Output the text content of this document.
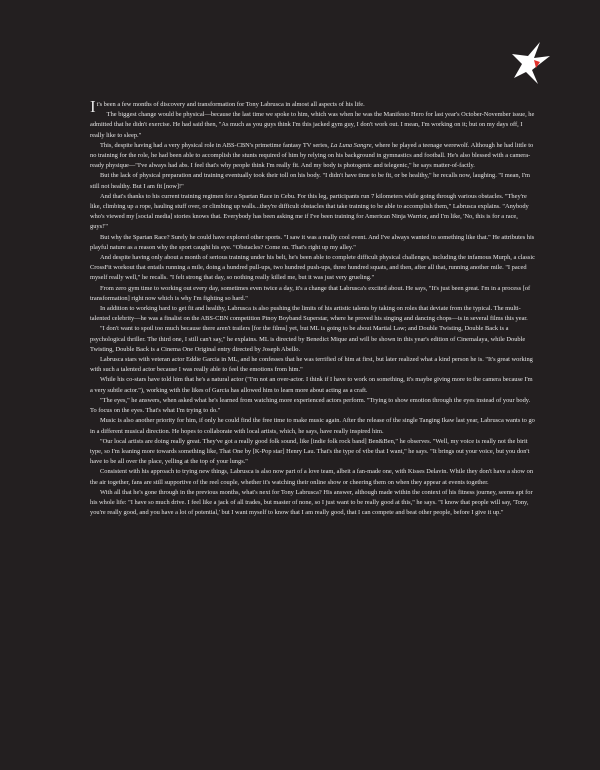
It's been a few months of discovery and transformation for Tony Labrusca in almost all aspects of his life.

The biggest change would be physical—because the last time we spoke to him, which was when he was the Manifesto Hero for last year's October-November issue, he admitted that he didn't exercise. He had said then, "As much as you guys think I'm this jacked gym guy, I don't work out. I mean, I'm working on it; but on my days off, I really like to sleep."

This, despite having had a very physical role in ABS-CBN's primetime fantasy TV series, La Luna Sangre, where he played a teenage werewolf. Although he had little to no training for the role, he had been able to accomplish the stunts required of him by relying on his background in gymnastics and football. He's also blessed with a camera-ready physique—"I've always had abs. I feel that's why people think I'm really fit. And my body is photogenic and telegenic," he says matter-of-factly.

But the lack of physical preparation and training eventually took their toll on his body. "I didn't have time to be fit, or be healthy," he recalls now, laughing. "I mean, I'm still not healthy. But I am fit [now]!"

And that's thanks to his current training regimen for a Spartan Race in Cebu. For this leg, participants run 7 kilometers while going through various obstacles. "They're like, climbing up a rope, hauling stuff over, or climbing up walls...they're difficult obstacles that take training to be able to accomplish them," Labrusca explains. "Anybody who's viewed my [social media] stories knows that. Everybody has been asking me if I've been training for American Ninja Warrior, and I'm like, 'No, this is for a race, guys!'"

But why the Spartan Race? Surely he could have explored other sports. "I saw it was a really cool event. And I've always wanted to something like that." He attributes his playful nature as a reason why the sport caught his eye. "Obstacles? Come on. That's right up my alley."

And despite having only about a month of serious training under his belt, he's been able to complete difficult physical challenges, including the infamous Murph, a classic CrossFit workout that entails running a mile, doing a hundred pull-ups, two hundred push-ups, three hundred squats, and then, after all that, running another mile. "I paced myself really well," he recalls. "I felt strong that day, so nothing really killed me, but it was just very grueling."

From zero gym time to working out every day, sometimes even twice a day, it's a change that Labrusca's excited about. He says, "It's just been great. I'm in a process [of transformation] right now which is why I'm fighting so hard."

In addition to working hard to get fit and healthy, Labrusca is also pushing the limits of his artistic talents by taking on roles that deviate from the typical. The multi-talented celebrity—he was a finalist on the ABS-CBN competition Pinoy Boyband Superstar, where he proved his singing and dancing chops—is in several films this year.

"I don't want to spoil too much because there aren't trailers [for the films] yet, but ML is going to be about Martial Law; and Double Twisting, Double Back is a psychological thriller. The third one, I still can't say," he explains. ML is directed by Benedict Mique and will be shown in this year's edition of Cinemalaya, while Double Twisting, Double Back is a Cinema One Original entry directed by Joseph Abello.

Labrusca stars with veteran actor Eddie Garcia in ML, and he confesses that he was terrified of him at first, but later realized what a kind person he is. "It's great working with such a talented actor because I was really able to feel the emotions from him."

While his co-stars have told him that he's a natural actor ("I'm not an over-actor. I think if I have to work on something, it's maybe giving more to the camera because I'm a very subtle actor."), working with the likes of Garcia has allowed him to learn more about acting as a craft.

"The eyes," he answers, when asked what he's learned from watching more experienced actors perform. "Trying to show emotion through the eyes instead of your body. To focus on the eyes. That's what I'm trying to do."

Music is also another priority for him, if only he could find the free time to make music again. After the release of the single Tanging Ikaw last year, Labrusca wants to go in a different musical direction. He hopes to collaborate with local artists, which, he says, have really inspired him.

"Our local artists are doing really great. They've got a really good folk sound, like [indie folk rock band] Ben&Ben," he observes. "Well, my voice is really not the birit type, so I'm leaning more towards something like, That One by [K-Pop star] Henry Lau. That's the type of vibe that I want," he says. "It brings out your voice, but you don't have to be all over the place, yelling at the top of your lungs."

Consistent with his approach to trying new things, Labrusca is also now part of a love team, albeit a fan-made one, with Kisses Delavin. While they don't have a show on the air together, fans are still supportive of the reel couple, whether it's watching their online show or cheering them on when they appear at events together.

With all that he's gone through in the previous months, what's next for Tony Labrusca? His answer, although made within the context of his fitness journey, seems apt for his whole life: "I have so much drive. I feel like a jack of all trades, but master of none, so I just want to be really good at this," he says. "I know that people will say, 'Tony, you're really good, and you have a lot of potential,' but I want myself to know that I am really good, that I can compete and beat other people, before I give it up."
